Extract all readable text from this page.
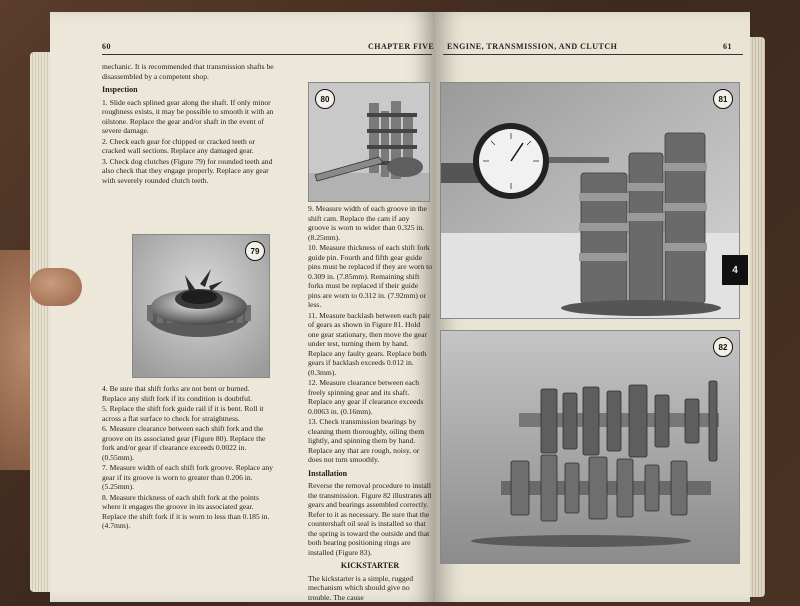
60	CHAPTER FIVE

mechanic. It is recommended that transmission shafts be disassembled by a competent shop.

Inspection

1. Slide each splined gear along the shaft. If only minor roughness exists, it may be possible to smooth it with an oilstone. Replace the gear and/or shaft in the event of severe damage.

2. Check each gear for chipped or cracked teeth or cracked wall sections. Replace any damaged gear.

3. Check dog clutches (Figure 79) for rounded teeth and also check that they engage properly. Replace any gear with severely rounded clutch teeth.

79

4. Be sure that shift forks are not bent or burned. Replace any shift fork if its condition is doubtful.

5. Replace the shift fork guide rail if it is bent. Roll it across a flat surface to check for straightness.

6. Measure clearance between each shift fork and the groove on its associated gear (Figure 80). Replace the fork and/or gear if clearance exceeds 0.0022 in. (0.55mm).

7. Measure width of each shift fork groove. Replace any gear if its groove is worn to greater than 0.206 in. (5.25mm).

8. Measure thickness of each shift fork at the points where it engages the groove in its associated gear. Replace the shift fork if it is worn to less than 0.185 in. (4.7mm).

80

9. Measure width of each groove in the shift cam. Replace the cam if any groove is worn to wider than 0.325 in. (8.25mm).

10. Measure thickness of each shift fork guide pin. Fourth and fifth gear guide pins must be replaced if they are worn to 0.309 in. (7.85mm). Remaining shift forks must be replaced if their guide pins are worn to 0.312 in. (7.92mm) or less.

11. Measure backlash between each pair of gears as shown in Figure 81. Hold one gear stationary, then move the gear under test, turning them by hand. Replace any faulty gears. Replace both gears if backlash exceeds 0.012 in. (0.3mm).

12. Measure clearance between each freely spinning gear and its shaft. Replace any gear if clearance exceeds 0.0063 in. (0.16mm).

13. Check transmission bearings by cleaning them thoroughly, oiling them lightly, and spinning them by hand. Replace any that are rough, noisy, or does not turn smoothly.

Installation

Reverse the removal procedure to install the transmission. Figure 82 illustrates all gears and bearings assembled correctly. Refer to it as necessary. Be sure that the countershaft oil seal is installed so that the spring is toward the outside and that both bearing positioning rings are installed (Figure 83).

KICKSTARTER

The kickstarter is a simple, rugged mechanism which should give no trouble. The cause

ENGINE, TRANSMISSION, AND CLUTCH	61
81
82
4
